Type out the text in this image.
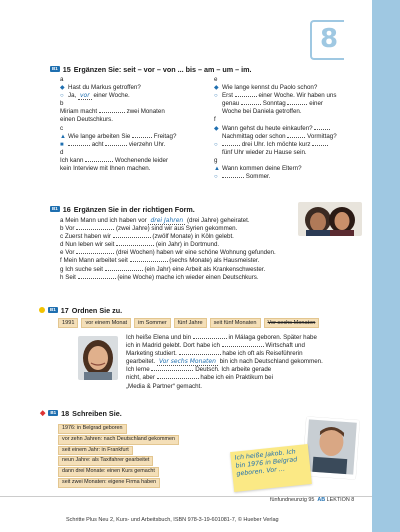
8
B1 15 Ergänzen Sie: seit – vor – von ... bis – am – um – im.
a
◆ Hast du Markus getroffen?
○ Ja, vor einer Woche.
b
Miriam macht	zwei Monaten
einen Deutschkurs.
c
▲ Wie lange arbeiten Sie	Freitag?
■	acht	vierzehn Uhr.
d
Ich kann	Wochenende leider
kein Interview mit Ihnen machen.
e
◆ Wie lange kennst du Paolo schon?
○ Erst	einer Woche. Wir haben uns
genau	Sonntag	einer
Woche bei Daniela getroffen.
f
◆ Wann gehst du heute einkaufen?
Nachmittag oder schon	Vormittag?
○	drei Uhr. Ich möchte kurz
fünf Uhr wieder zu Hause sein.
g
▲ Wann kommen deine Eltern?
○	Sommer.
B1 16 Ergänzen Sie in der richtigen Form.
a Mein Mann und ich haben vor drei Jahren (drei Jahre) geheiratet.
b Vor	(zwei Jahre) sind wir aus Syrien gekommen.
c Zuerst haben wir	(zwölf Monate) in Köln gelebt.
d Nun leben wir seit	(ein Jahr) in Dortmund.
e Vor	(drei Wochen) haben wir eine schöne Wohnung gefunden.
f Mein Mann arbeitet seit	(sechs Monate) als Hausmeister.
g Ich suche seit	(ein Jahr) eine Arbeit als Krankenschwester.
h Seit	(eine Woche) mache ich wieder einen Deutschkurs.
B1 17 Ordnen Sie zu.
1991	vor einem Monat	im Sommer	fünf Jahre	seit fünf Monaten	Vor sechs Monaten
Ich heiße Elena und bin	in Málaga geboren. Später habe
ich in Madrid gelebt. Dort habe ich	Wirtschaft und
Marketing studiert.	habe ich oft als Reiseführerin
gearbeitet. Vor sechs Monaten bin ich nach Deutschland gekommen.
Ich lerne	Deutsch. Ich arbeite gerade
nicht, aber	habe ich ein Praktikum bei
„Media & Partner“ gemacht.
◆	B1 18 Schreiben Sie.
1976: in Belgrad geboren
vor zehn Jahren: nach Deutschland gekommen
seit einem Jahr: in Frankfurt
neun Jahre: als Taxifahrer gearbeitet
dann drei Monate: einen Kurs gemacht
seit zwei Monaten: eigene Firma haben
Ich heiße Jakob. Ich bin 1976 in Belgrad geboren. Vor …
fünfundneunzig 95 AB LEKTION 8
Schritte Plus Neu 2, Kurs- und Arbeitsbuch, ISBN 978-3-19-601081-7, © Hueber Verlag
